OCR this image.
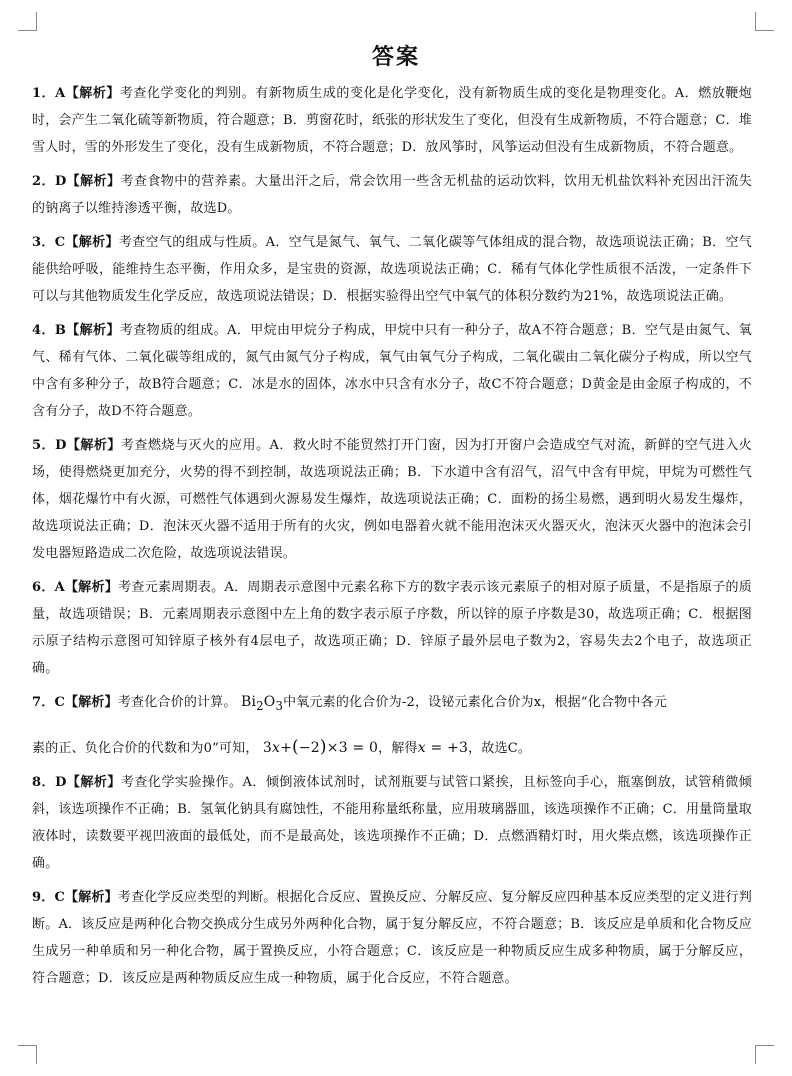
答案

1．A【解析】考查化学变化的判别。有新物质生成的变化是化学变化，没有新物质生成的变化是物理变化。A．燃放鞭炮时，会产生二氧化硫等新物质，符合题意；B．剪窗花时，纸张的形状发生了变化，但没有生成新物质，不符合题意；C．堆雪人时，雪的外形发生了变化，没有生成新物质，不符合题意；D．放风筝时，风筝运动但没有生成新物质，不符合题意。

2．D【解析】考查食物中的营养素。大量出汗之后，常会饮用一些含无机盐的运动饮料，饮用无机盐饮料补充因出汗流失的钠离子以维持渗透平衡，故选D。

3．C【解析】考查空气的组成与性质。A．空气是氮气、氧气、二氧化碳等气体组成的混合物，故选项说法正确；B．空气能供给呼吸，能维持生态平衡，作用众多，是宝贵的资源，故选项说法正确；C．稀有气体化学性质很不活泼，一定条件下可以与其他物质发生化学反应，故选项说法错误；D．根据实验得出空气中氧气的体积分数约为21%，故选项说法正确。

4．B【解析】考查物质的组成。A．甲烷由甲烷分子构成，甲烷中只有一种分子，故A不符合题意；B．空气是由氮气、氧气、稀有气体、二氧化碳等组成的，氮气由氮气分子构成，氧气由氧气分子构成，二氧化碳由二氧化碳分子构成，所以空气中含有多种分子，故B符合题意；C．冰是水的固体，冰水中只含有水分子，故C不符合题意；D黄金是由金原子构成的，不含有分子，故D不符合题意。

5．D【解析】考查燃烧与灭火的应用。A．救火时不能贸然打开门窗，因为打开窗户会造成空气对流，新鲜的空气进入火场，使得燃烧更加充分，火势的得不到控制，故选项说法正确；B．下水道中含有沼气，沼气中含有甲烷，甲烷为可燃性气体，烟花爆竹中有火源，可燃性气体遇到火源易发生爆炸，故选项说法正确；C．面粉的扬尘易燃，遇到明火易发生爆炸，故选项说法正确；D．泡沫灭火器不适用于所有的火灾，例如电器着火就不能用泡沫灭火器灭火，泡沫灭火器中的泡沫会引发电器短路造成二次危险，故选项说法错误。

6．A【解析】考查元素周期表。A．周期表示意图中元素名称下方的数字表示该元素原子的相对原子质量，不是指原子的质量，故选项错误；B．元素周期表示意图中左上角的数字表示原子序数，所以锌的原子序数是30，故选项正确；C．根据图示原子结构示意图可知锌原子核外有4层电子，故选项正确；D．锌原子最外层电子数为2，容易失去2个电子，故选项正确。

7．C【解析】考查化合价的计算。 $Bi_2O_3$中氧元素的化合价为-2，设铋元素化合价为x，根据“化合物中各元
素的正、负化合价的代数和为0”可知， 3x+(−2)×3 = 0，解得x = +3，故选C。

8．D【解析】考查化学实验操作。A．倾倒液体试剂时，试剂瓶要与试管口紧挨，且标签向手心，瓶塞倒放，试管稍微倾斜，该选项操作不正确；B．氢氧化钠具有腐蚀性，不能用称量纸称量，应用玻璃器皿，该选项操作不正确；C．用量筒量取液体时，读数要平视凹液面的最低处，而不是最高处，该选项操作不正确；D．点燃酒精灯时，用火柴点燃，该选项操作正确。

9．C【解析】考查化学反应类型的判断。根据化合反应、置换反应、分解反应、复分解反应四种基本反应类型的定义进行判断。A．该反应是两种化合物交换成分生成另外两种化合物，属于复分解反应，不符合题意；B．该反应是单质和化合物反应生成另一种单质和另一种化合物，属于置换反应，小符合题意；C．该反应是一种物质反应生成多种物质，属于分解反应，符合题意；D．该反应是两种物质反应生成一种物质，属于化合反应，不符合题意。
